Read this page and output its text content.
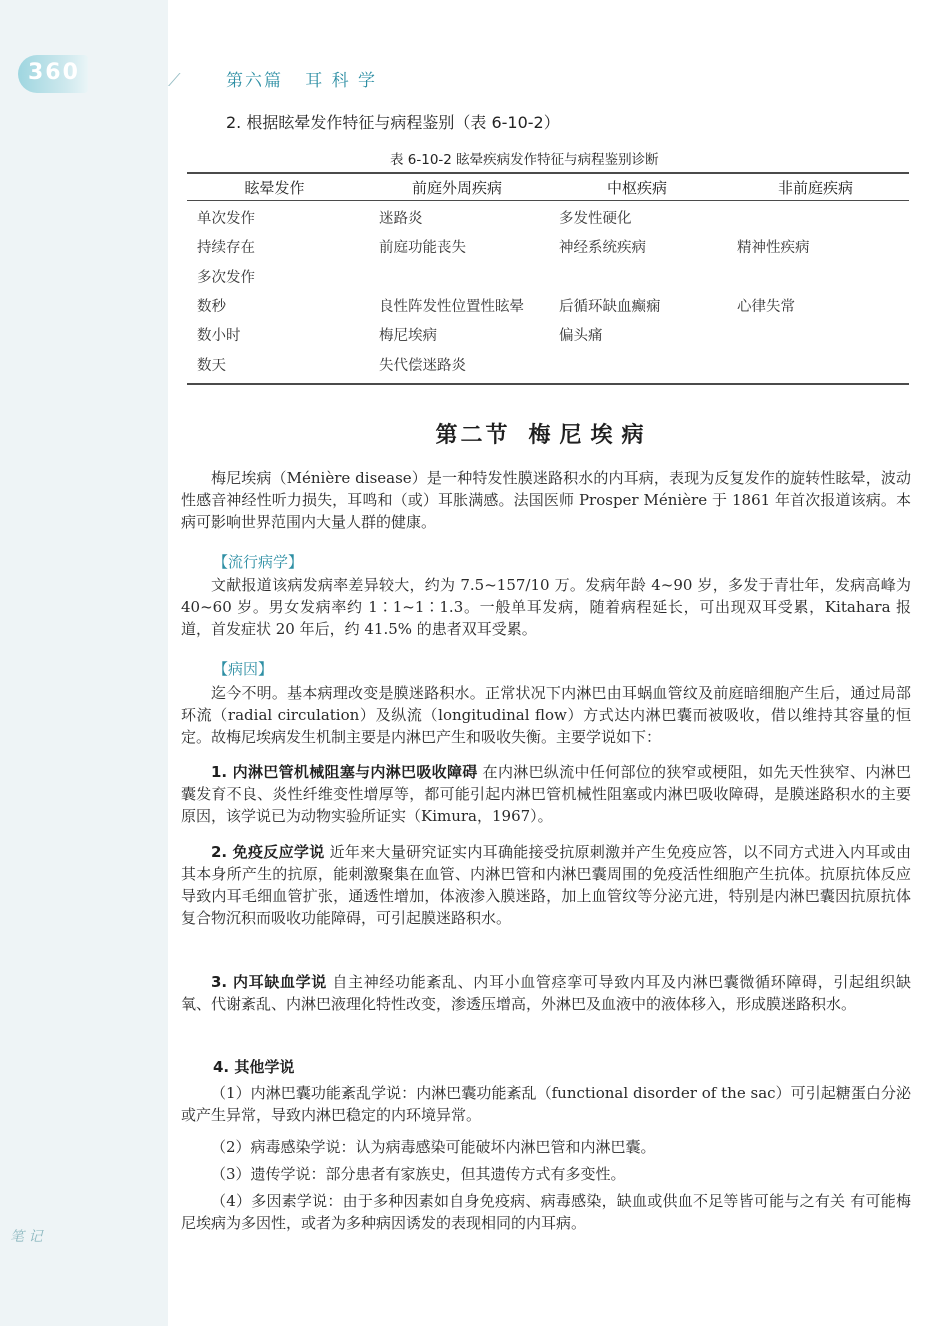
360	⟋
笔 记
第六篇   耳 科 学
2. 根据眩晕发作特征与病程鉴别（表 6-10-2）
表 6-10-2 眩晕疾病发作特征与病程鉴别诊断
眩晕发作	前庭外周疾病	中枢疾病	非前庭疾病
单次发作	迷路炎	多发性硬化
持续存在	前庭功能丧失	神经系统疾病	精神性疾病
多次发作
数秒	良性阵发性位置性眩晕	后循环缺血癫痫	心律失常
数小时	梅尼埃病	偏头痛
数天	失代偿迷路炎
第二节 梅尼埃病
梅尼埃病（Ménière disease）是一种特发性膜迷路积水的内耳病，表现为反复发作的旋转性眩晕，波动性感音神经性听力损失，耳鸣和（或）耳胀满感。法国医师 Prosper Ménière 于 1861 年首次报道该病。本病可影响世界范围内大量人群的健康。
【流行病学】
文献报道该病发病率差异较大，约为 7.5~157/10 万。发病年龄 4~90 岁，多发于青壮年，发病高峰为 40~60 岁。男女发病率约 1∶1~1∶1.3。一般单耳发病，随着病程延长，可出现双耳受累，Kitahara 报道，首发症状 20 年后，约 41.5% 的患者双耳受累。
【病因】
迄今不明。基本病理改变是膜迷路积水。正常状况下内淋巴由耳蜗血管纹及前庭暗细胞产生后，通过局部环流（radial circulation）及纵流（longitudinal flow）方式达内淋巴囊而被吸收，借以维持其容量的恒定。故梅尼埃病发生机制主要是内淋巴产生和吸收失衡。主要学说如下：
1. 内淋巴管机械阻塞与内淋巴吸收障碍 在内淋巴纵流中任何部位的狭窄或梗阻，如先天性狭窄、内淋巴囊发育不良、炎性纤维变性增厚等，都可能引起内淋巴管机械性阻塞或内淋巴吸收障碍，是膜迷路积水的主要原因，该学说已为动物实验所证实（Kimura，1967）。
2. 免疫反应学说 近年来大量研究证实内耳确能接受抗原刺激并产生免疫应答，以不同方式进入内耳或由其本身所产生的抗原，能刺激聚集在血管、内淋巴管和内淋巴囊周围的免疫活性细胞产生抗体。抗原抗体反应导致内耳毛细血管扩张，通透性增加，体液渗入膜迷路，加上血管纹等分泌亢进，特别是内淋巴囊因抗原抗体复合物沉积而吸收功能障碍，可引起膜迷路积水。
3. 内耳缺血学说 自主神经功能紊乱、内耳小血管痉挛可导致内耳及内淋巴囊微循环障碍，引起组织缺氧、代谢紊乱、内淋巴液理化特性改变，渗透压增高，外淋巴及血液中的液体移入，形成膜迷路积水。
4. 其他学说
（1）内淋巴囊功能紊乱学说：内淋巴囊功能紊乱（functional disorder of the sac）可引起糖蛋白分泌或产生异常，导致内淋巴稳定的内环境异常。
（2）病毒感染学说：认为病毒感染可能破坏内淋巴管和内淋巴囊。
（3）遗传学说：部分患者有家族史，但其遗传方式有多变性。
（4）多因素学说：由于多种因素如自身免疫病、病毒感染，缺血或供血不足等皆可能与之有关 有可能梅尼埃病为多因性，或者为多种病因诱发的表现相同的内耳病。
